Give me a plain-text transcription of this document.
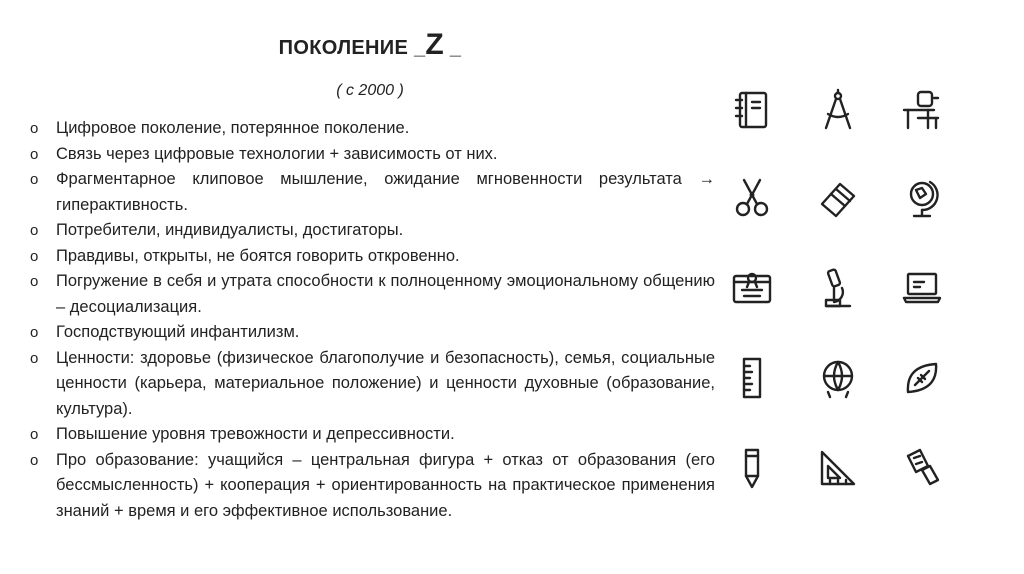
ПОКОЛЕНИЕ _Z _
( с 2000 )
o Цифровое поколение, потерянное поколение.
o Связь через цифровые технологии + зависимость от них.
o Фрагментарное клиповое мышление, ожидание мгновенности результата → гиперактивность.
o Потребители, индивидуалисты, достигаторы.
o Правдивы, открыты, не боятся говорить откровенно.
o Погружение в себя и утрата способности к полноценному эмоциональному общению – десоциализация.
o Господствующий инфантилизм.
o Ценности: здоровье (физическое благополучие и безопасность), семья, социальные ценности (карьера, материальное положение) и ценности духовные (образование, культура).
o Повышение уровня тревожности и депрессивности.
o Про образование: учащийся – центральная фигура + отказ от образования (его бессмысленность) + кооперация + ориентированность на практическое применения знаний + время и его эффективное использование.
